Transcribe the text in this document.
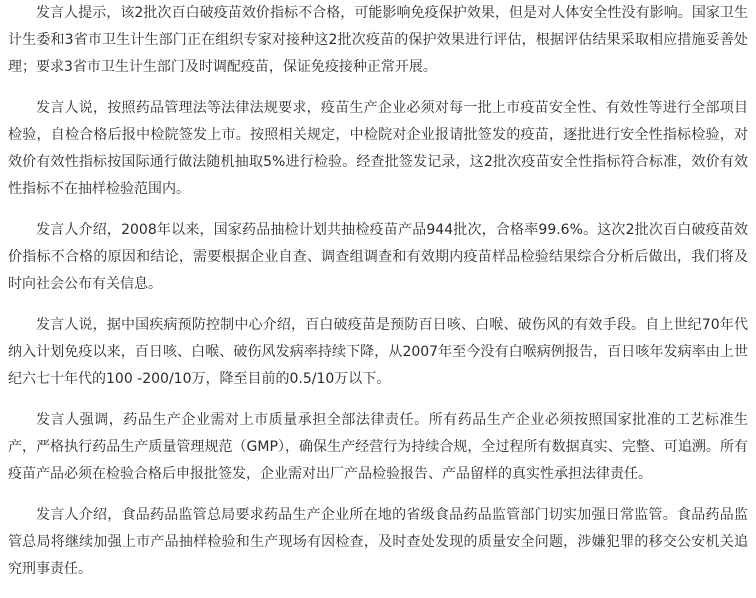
发言人提示，该2批次百白破疫苗效价指标不合格，可能影响免疫保护效果，但是对人体安全性没有影响。国家卫生计生委和3省市卫生计生部门正在组织专家对接种这2批次疫苗的保护效果进行评估，根据评估结果采取相应措施妥善处理；要求3省市卫生计生部门及时调配疫苗，保证免疫接种正常开展。

发言人说，按照药品管理法等法律法规要求，疫苗生产企业必须对每一批上市疫苗安全性、有效性等进行全部项目检验，自检合格后报中检院签发上市。按照相关规定，中检院对企业报请批签发的疫苗，逐批进行安全性指标检验，对效价有效性指标按国际通行做法随机抽取5%进行检验。经查批签发记录，这2批次疫苗安全性指标符合标准，效价有效性指标不在抽样检验范围内。

发言人介绍，2008年以来，国家药品抽检计划共抽检疫苗产品944批次，合格率99.6%。这次2批次百白破疫苗效价指标不合格的原因和结论，需要根据企业自查、调查组调查和有效期内疫苗样品检验结果综合分析后做出，我们将及时向社会公布有关信息。

发言人说，据中国疾病预防控制中心介绍，百白破疫苗是预防百日咳、白喉、破伤风的有效手段。自上世纪70年代纳入计划免疫以来，百日咳、白喉、破伤风发病率持续下降，从2007年至今没有白喉病例报告，百日咳年发病率由上世纪六七十年代的100 -200/10万，降至目前的0.5/10万以下。

发言人强调，药品生产企业需对上市质量承担全部法律责任。所有药品生产企业必须按照国家批准的工艺标准生产，严格执行药品生产质量管理规范（GMP），确保生产经营行为持续合规，全过程所有数据真实、完整、可追溯。所有疫苗产品必须在检验合格后申报批签发，企业需对出厂产品检验报告、产品留样的真实性承担法律责任。

发言人介绍，食品药品监管总局要求药品生产企业所在地的省级食品药品监管部门切实加强日常监管。食品药品监管总局将继续加强上市产品抽样检验和生产现场有因检查，及时查处发现的质量安全问题，涉嫌犯罪的移交公安机关追究刑事责任。
